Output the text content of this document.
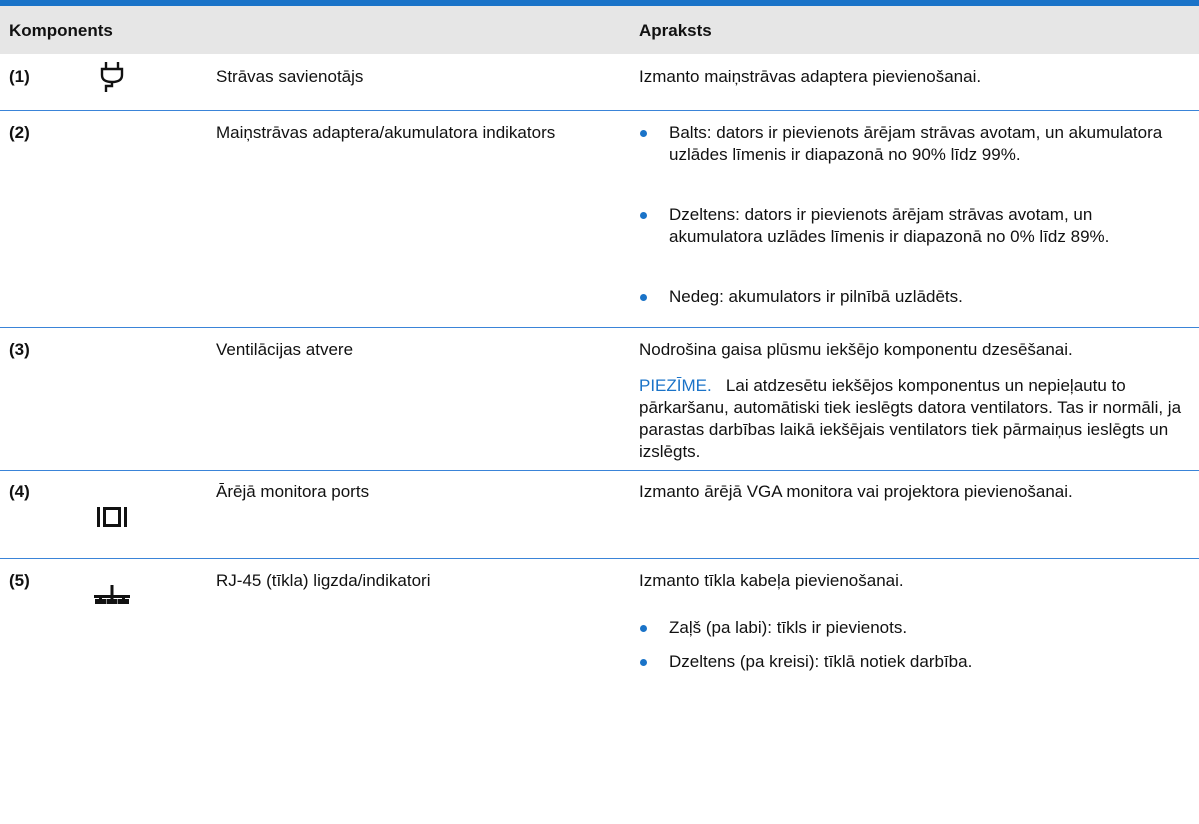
Komponents	Apraksts
(1)	Strāvas savienotājs	Izmanto maiņstrāvas adaptera pievienošanai.
(2)	Maiņstrāvas adaptera/akumulatora indikators	Balts: dators ir pievienots ārējam strāvas avotam, un akumulatora uzlādes līmenis ir diapazonā no 90% līdz 99%.
Dzeltens: dators ir pievienots ārējam strāvas avotam, un akumulatora uzlādes līmenis ir diapazonā no 0% līdz 89%.
Nedeg: akumulators ir pilnībā uzlādēts.
(3)	Ventilācijas atvere	Nodrošina gaisa plūsmu iekšējo komponentu dzesēšanai.
PIEZĪME. Lai atdzesētu iekšējos komponentus un nepieļautu to pārkaršanu, automātiski tiek ieslēgts datora ventilators. Tas ir normāli, ja parastas darbības laikā iekšējais ventilators tiek pārmaiņus ieslēgts un izslēgts.
(4)	Ārējā monitora ports	Izmanto ārējā VGA monitora vai projektora pievienošanai.
(5)	RJ-45 (tīkla) ligzda/indikatori	Izmanto tīkla kabeļa pievienošanai.
Zaļš (pa labi): tīkls ir pievienots.
Dzeltens (pa kreisi): tīklā notiek darbība.
